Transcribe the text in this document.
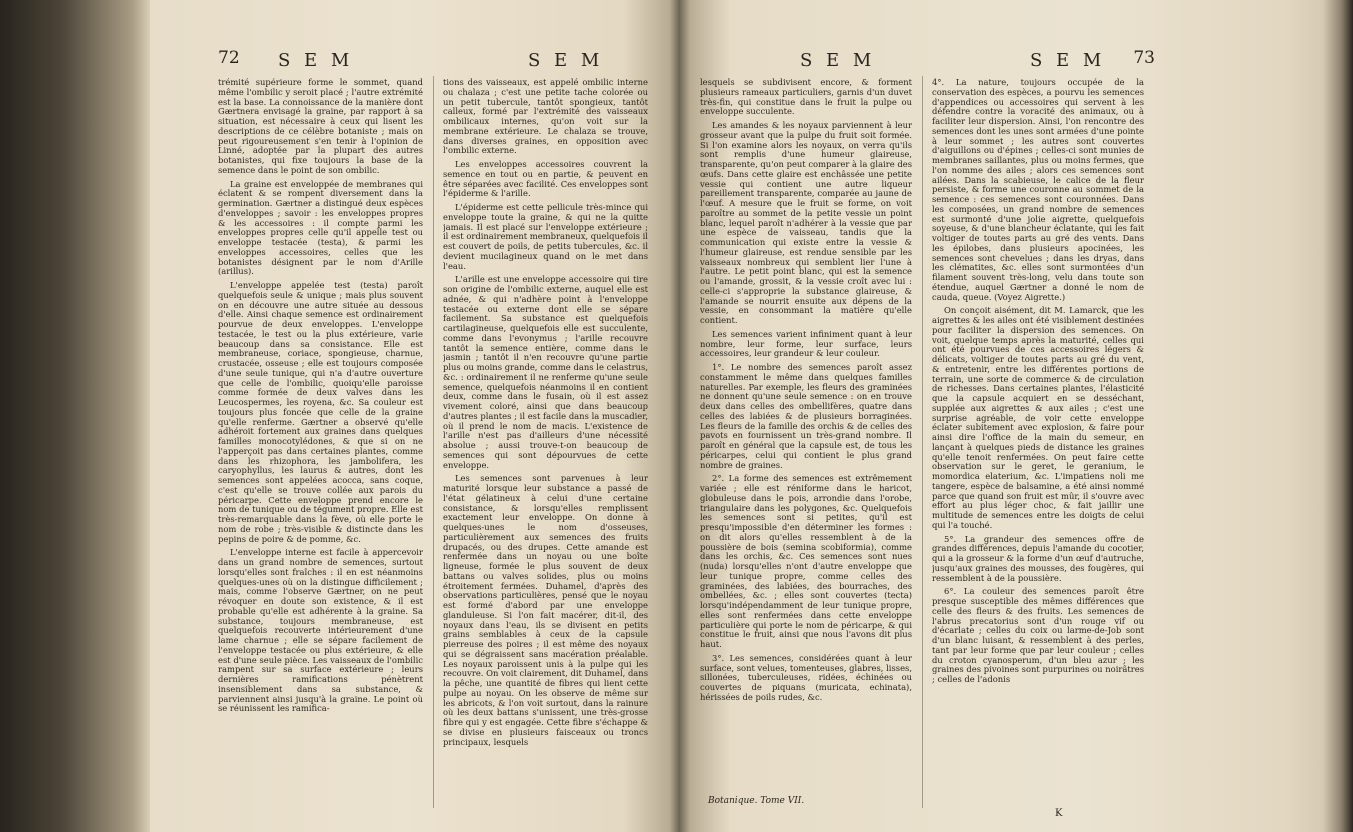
72 S E M	S E M

trémité supérieure forme le sommet, quand même l'ombilic y seroit placé ; l'autre extrémité est la base. La connoissance de la manière dont Gærtnera envisagé la graine, par rapport à sa situation, est nécessaire à ceux qui lisent les descriptions de ce célèbre botaniste ; mais on peut rigoureusement s'en tenir à l'opinion de Linné, adoptée par la plupart des autres botanistes, qui fixe toujours la base de la semence dans le point de son ombilic.

La graine est enveloppée de membranes qui éclatent & se rompent diversement dans la germination. Gærtner a distingué deux espèces d'enveloppes ; savoir : les enveloppes propres & les accessoires : il compte parmi les enveloppes propres celle qu'il appelle test ou enveloppe testacée (testa), & parmi les enveloppes accessoires, celles que les botanistes désignent par le nom d'Arille (arillus).

L'enveloppe appelée test (testa) paroît quelquefois seule & unique ; mais plus souvent on en découvre une autre située au dessous d'elle. Ainsi chaque semence est ordinairement pourvue de deux enveloppes. L'enveloppe testacée, le test ou la plus extérieure, varie beaucoup dans sa consistance. Elle est membraneuse, coriace, spongieuse, charnue, crustacée, osseuse ; elle est toujours composée d'une seule tunique, qui n'a d'autre ouverture que celle de l'ombilic, quoiqu'elle paroisse comme formée de deux valves dans les Leucospermes, les royena, &c. Sa couleur est toujours plus foncée que celle de la graine qu'elle renferme. Gærtner a observé qu'elle adhéroit fortement aux graines dans quelques familles monocotylédones, & que si on ne l'apperçoit pas dans certaines plantes, comme dans les rhizophora, les jambolifera, les caryophyllus, les laurus & autres, dont les semences sont appelées acocca, sans coque, c'est qu'elle se trouve collée aux parois du péricarpe. Cette enveloppe prend encore le nom de tunique ou de tégument propre. Elle est très-remarquable dans la fève, où elle porte le nom de robe ; très-visible & distincte dans les pepins de poire & de pomme, &c.

L'enveloppe interne est facile à appercevoir dans un grand nombre de semences, surtout lorsqu'elles sont fraîches : il en est néanmoins quelques-unes où on la distingue difficilement ; mais, comme l'observe Gærtner, on ne peut révoquer en doute son existence, & il est probable qu'elle est adhérente à la graine. Sa substance, toujours membraneuse, est quelquefois recouverte intérieurement d'une lame charnue ; elle se sépare facilement de l'enveloppe testacée ou plus extérieure, & elle est d'une seule pièce. Les vaisseaux de l'ombilic rampent sur sa surface extérieure ; leurs dernières ramifications pénètrent insensiblement dans sa substance, & parviennent ainsi jusqu'à la graine. Le point où se réunissent les ramifica-

tions des vaisseaux, est appelé ombilic interne ou chalaza ; c'est une petite tache colorée ou un petit tubercule, tantôt spongieux, tantôt calleux, formé par l'extrémité des vaisseaux ombilicaux internes, qu'on voit sur la membrane extérieure. Le chalaza se trouve, dans diverses graines, en opposition avec l'ombilic externe.

Les enveloppes accessoires couvrent la semence en tout ou en partie, & peuvent en être séparées avec facilité. Ces enveloppes sont l'épiderme & l'arille.

L'épiderme est cette pellicule très-mince qui enveloppe toute la graine, & qui ne la quitte jamais. Il est placé sur l'enveloppe extérieure ; il est ordinairement membraneux, quelquefois il est couvert de poils, de petits tubercules, &c. il devient mucilagineux quand on le met dans l'eau.

L'arille est une enveloppe accessoire qui tire son origine de l'ombilic externe, auquel elle est adnée, & qui n'adhère point à l'enveloppe testacée ou externe dont elle se sépare facilement. Sa substance est quelquefois cartilagineuse, quelquefois elle est succulente, comme dans l'evonymus ; l'arille recouvre tantôt la semence entière, comme dans le jasmin ; tantôt il n'en recouvre qu'une partie plus ou moins grande, comme dans le celastrus, &c. : ordinairement il ne renferme qu'une seule semence, quelquefois néanmoins il en contient deux, comme dans le fusain, où il est assez vivement coloré, ainsi que dans beaucoup d'autres plantes ; il est facile dans la muscadier, où il prend le nom de macis. L'existence de l'arille n'est pas d'ailleurs d'une nécessité absolue ; aussi trouve-t-on beaucoup de semences qui sont dépourvues de cette enveloppe.

Les semences sont parvenues à leur maturité lorsque leur substance a passé de l'état gélatineux à celui d'une certaine consistance, & lorsqu'elles remplissent exactement leur enveloppe. On donne à quelques-unes le nom d'osseuses, particulièrement aux semences des fruits drupacés, ou des drupes. Cette amande est renfermée dans un noyau ou une boîte ligneuse, formée le plus souvent de deux battans ou valves solides, plus ou moins étroitement fermées. Duhamel, d'après des observations particulières, pensé que le noyau est formé d'abord par une enveloppe glanduleuse. Si l'on fait macérer, dit-il, des noyaux dans l'eau, ils se divisent en petits grains semblables à ceux de la capsule pierreuse des poires ; il est même des noyaux qui se dégraissent sans macération préalable. Les noyaux paroissent unis à la pulpe qui les recouvre. On voit clairement, dit Duhamel, dans la pêche, une quantité de fibres qui lient cette pulpe au noyau. On les observe de même sur les abricots, & l'on voit surtout, dans la rainure où les deux battans s'unissent, une très-grosse fibre qui y est engagée. Cette fibre s'échappe & se divise en plusieurs faisceaux ou troncs principaux, lesquels

S E M	S E M 73

lesquels se subdivisent encore, & forment plusieurs rameaux particuliers, garnis d'un duvet très-fin, qui constitue dans le fruit la pulpe ou enveloppe succulente.

Les amandes & les noyaux parviennent à leur grosseur avant que la pulpe du fruit soit formée. Si l'on examine alors les noyaux, on verra qu'ils sont remplis d'une humeur glaireuse, transparente, qu'on peut comparer à la glaire des œufs. Dans cette glaire est enchâssée une petite vessie qui contient une autre liqueur pareillement transparente, comparée au jaune de l'œuf. A mesure que le fruit se forme, on voit paroître au sommet de la petite vessie un point blanc, lequel paroît n'adhérer à la vessie que par une espèce de vaisseau, tandis que la communication qui existe entre la vessie & l'humeur glaireuse, est rendue sensible par les vaisseaux nombreux qui semblent lier l'une à l'autre. Le petit point blanc, qui est la semence ou l'amande, grossit, & la vessie croît avec lui : celle-ci s'approprie la substance glaireuse, & l'amande se nourrit ensuite aux dépens de la vessie, en consommant la matière qu'elle contient.

Les semences varient infiniment quant à leur nombre, leur forme, leur surface, leurs accessoires, leur grandeur & leur couleur.

1°. Le nombre des semences paroît assez constamment le même dans quelques familles naturelles. Par exemple, les fleurs des graminées ne donnent qu'une seule semence : on en trouve deux dans celles des ombellifères, quatre dans celles des labiées & de plusieurs borraginées. Les fleurs de la famille des orchis & de celles des pavots en fournissent un très-grand nombre. Il paroît en général que la capsule est, de tous les péricarpes, celui qui contient le plus grand nombre de graines.

2°. La forme des semences est extrêmement variée ; elle est réniforme dans le haricot, globuleuse dans le pois, arrondie dans l'orobe, triangulaire dans les polygones, &c. Quelquefois les semences sont si petites, qu'il est presqu'impossible d'en déterminer les formes : on dit alors qu'elles ressemblent à de la poussière de bois (semina scobiformia), comme dans les orchis, &c. Ces semences sont nues (nuda) lorsqu'elles n'ont d'autre enveloppe que leur tunique propre, comme celles des graminées, des labiées, des bourraches, des ombellées, &c. ; elles sont couvertes (tecta) lorsqu'indépendamment de leur tunique propre, elles sont renfermées dans cette enveloppe particulière qui porte le nom de péricarpe, & qui constitue le fruit, ainsi que nous l'avons dit plus haut.

3°. Les semences, considérées quant à leur surface, sont velues, tomenteuses, glabres, lisses, sillonées, tuberculeuses, ridées, échinées ou couvertes de piquans (muricata, echinata), hérissées de poils rudes, &c.

4°. La nature, toujours occupée de la conservation des espèces, a pourvu les semences d'appendices ou accessoires qui servent à les défendre contre la voracité des animaux, ou à faciliter leur dispersion. Ainsi, l'on rencontre des semences dont les unes sont armées d'une pointe à leur sommet ; les autres sont couvertes d'aiguillons ou d'épines ; celles-ci sont munies de membranes saillantes, plus ou moins fermes, que l'on nomme des ailes ; alors ces semences sont ailées. Dans la scabieuse, le calice de la fleur persiste, & forme une couronne au sommet de la semence : ces semences sont couronnées. Dans les composées, un grand nombre de semences est surmonté d'une jolie aigrette, quelquefois soyeuse, & d'une blancheur éclatante, qui les fait voltiger de toutes parts au gré des vents. Dans les épilobes, dans plusieurs apocinées, les semences sont chevelues ; dans les dryas, dans les clématites, &c. elles sont surmontées d'un filament souvent très-long, velu dans toute son étendue, auquel Gærtner a donné le nom de cauda, queue. (Voyez Aigrette.)

On conçoit aisément, dit M. Lamarck, que les aigrettes & les ailes ont été visiblement destinées pour faciliter la dispersion des semences. On voit, quelque temps après la maturité, celles qui ont été pourvues de ces accessoires légers & délicats, voltiger de toutes parts au gré du vent, & entretenir, entre les différentes portions de terrain, une sorte de commerce & de circulation de richesses. Dans certaines plantes, l'élasticité que la capsule acquiert en se desséchant, supplée aux aigrettes & aux ailes ; c'est une surprise agréable, de voir cette enveloppe éclater subitement avec explosion, & faire pour ainsi dire l'office de la main du semeur, en lançant à quelques pieds de distance les graines qu'elle tenoit renfermées. On peut faire cette observation sur le geret, le geranium, le momordica elaterium, &c. L'impatiens noli me tangere, espèce de balsamine, a été ainsi nommé parce que quand son fruit est mûr, il s'ouvre avec effort au plus léger choc, & fait jaillir une multitude de semences entre les doigts de celui qui l'a touché.

5°. La grandeur des semences offre de grandes différences, depuis l'amande du cocotier, qui a la grosseur & la forme d'un œuf d'autruche, jusqu'aux graines des mousses, des fougères, qui ressemblent à de la poussière.

6°. La couleur des semences paroît être presque susceptible des mêmes différences que celle des fleurs & des fruits. Les semences de l'abrus precatorius sont d'un rouge vif ou d'écarlate ; celles du coix ou larme-de-Job sont d'un blanc luisant, & ressemblent à des perles, tant par leur forme que par leur couleur ; celles du croton cyanosperum, d'un bleu azur ; les graines des pivoines sont purpurines ou noirâtres ; celles de l'adonis

Botanique. Tome VII.
K
